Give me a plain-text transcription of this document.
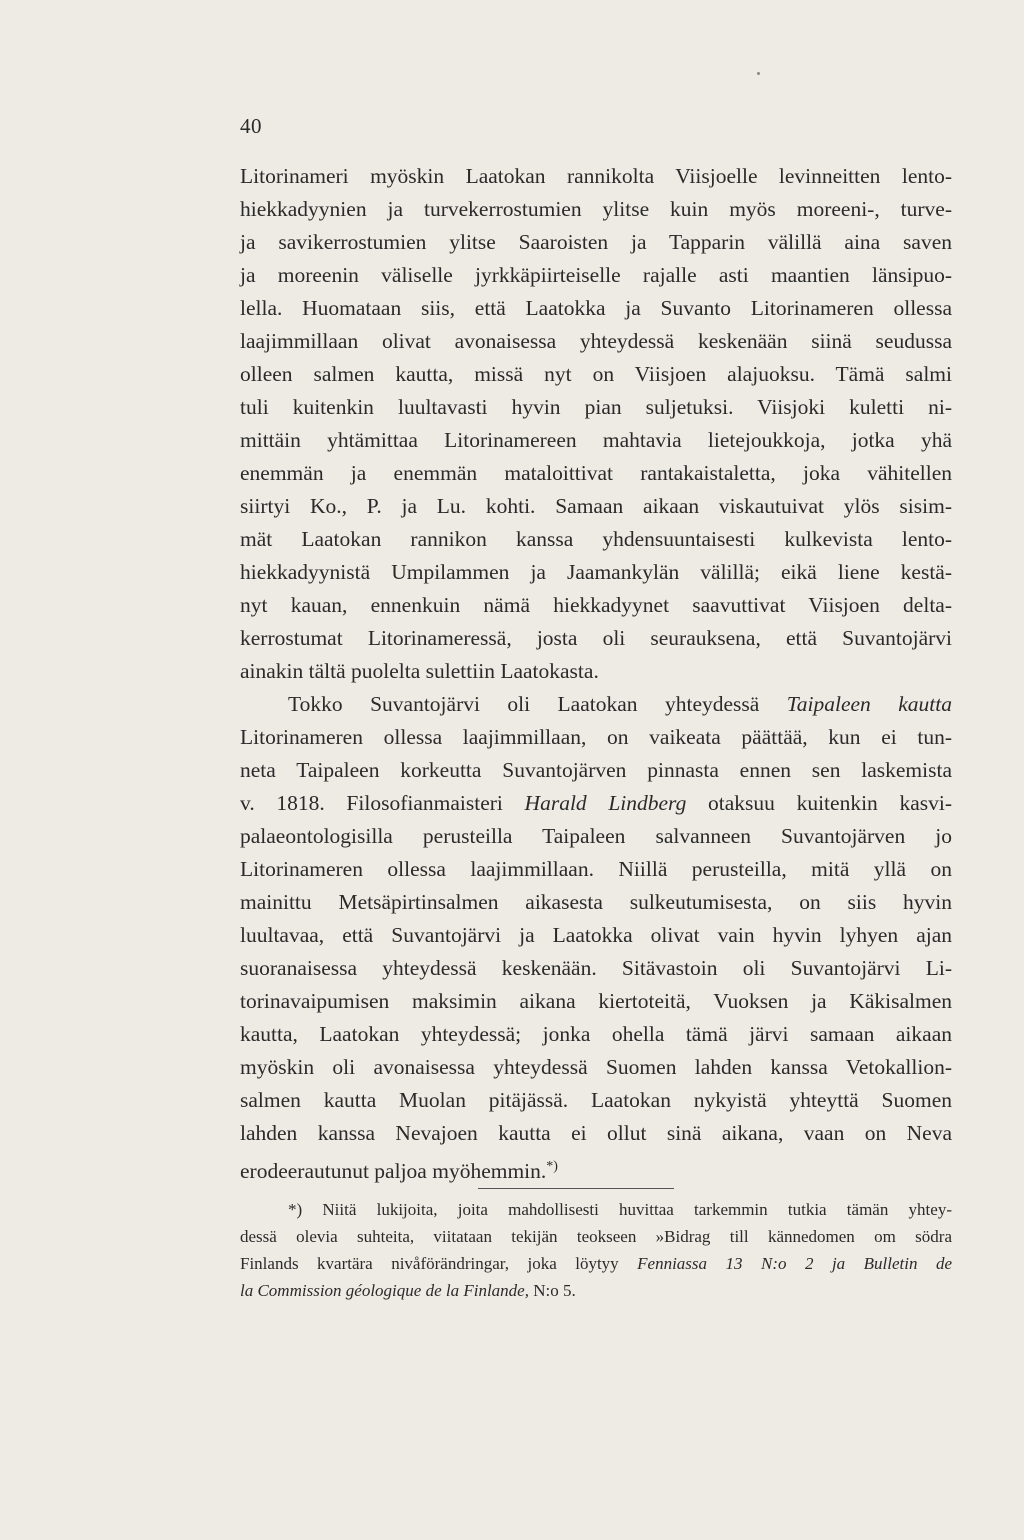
40
Litorinameri myöskin Laatokan rannikolta Viisjoelle levinneitten lento-
hiekkadyynien ja turvekerrostumien ylitse kuin myös moreeni-, turve-
ja savikerrostumien ylitse Saaroisten ja Tapparin välillä aina saven
ja moreenin väliselle jyrkkäpiirteiselle rajalle asti maantien länsipuo-
lella. Huomataan siis, että Laatokka ja Suvanto Litorinameren ollessa
laajimmillaan olivat avonaisessa yhteydessä keskenään siinä seudussa
olleen salmen kautta, missä nyt on Viisjoen alajuoksu. Tämä salmi
tuli kuitenkin luultavasti hyvin pian suljetuksi. Viisjoki kuletti ni-
mittäin yhtämittaa Litorinamereen mahtavia lietejoukkoja, jotka yhä
enemmän ja enemmän mataloittivat rantakaistaletta, joka vähitellen
siirtyi Ko., P. ja Lu. kohti. Samaan aikaan viskautuivat ylös sisim-
mät Laatokan rannikon kanssa yhdensuuntaisesti kulkevista lento-
hiekkadyynistä Umpilammen ja Jaamankylän välillä; eikä liene kestä-
nyt kauan, ennenkuin nämä hiekkadyynet saavuttivat Viisjoen delta-
kerrostumat Litorinameressä, josta oli seurauksena, että Suvantojärvi
ainakin tältä puolelta sulettiin Laatokasta.
Tokko Suvantojärvi oli Laatokan yhteydessä Taipaleen kautta
Litorinameren ollessa laajimmillaan, on vaikeata päättää, kun ei tun-
neta Taipaleen korkeutta Suvantojärven pinnasta ennen sen laskemista
v. 1818. Filosofianmaisteri Harald Lindberg otaksuu kuitenkin kasvi-
palaeontologisilla perusteilla Taipaleen salvanneen Suvantojärven jo
Litorinameren ollessa laajimmillaan. Niillä perusteilla, mitä yllä on
mainittu Metsäpirtinsalmen aikasesta sulkeutumisesta, on siis hyvin
luultavaa, että Suvantojärvi ja Laatokka olivat vain hyvin lyhyen ajan
suoranaisessa yhteydessä keskenään. Sitävastoin oli Suvantojärvi Li-
torinavaipumisen maksimin aikana kiertoteitä, Vuoksen ja Käkisalmen
kautta, Laatokan yhteydessä; jonka ohella tämä järvi samaan aikaan
myöskin oli avonaisessa yhteydessä Suomen lahden kanssa Vetokallion-
salmen kautta Muolan pitäjässä. Laatokan nykyistä yhteyttä Suomen
lahden kanssa Nevajoen kautta ei ollut sinä aikana, vaan on Neva
erodeerautunut paljoa myöhemmin.*)
*) Niitä lukijoita, joita mahdollisesti huvittaa tarkemmin tutkia tämän yhtey-
dessä olevia suhteita, viitataan tekijän teokseen »Bidrag till kännedomen om södra
Finlands kvartära nivåförändringar, joka löytyy Fenniassa 13 N:o 2 ja Bulletin de
la Commission géologique de la Finlande, N:o 5.
